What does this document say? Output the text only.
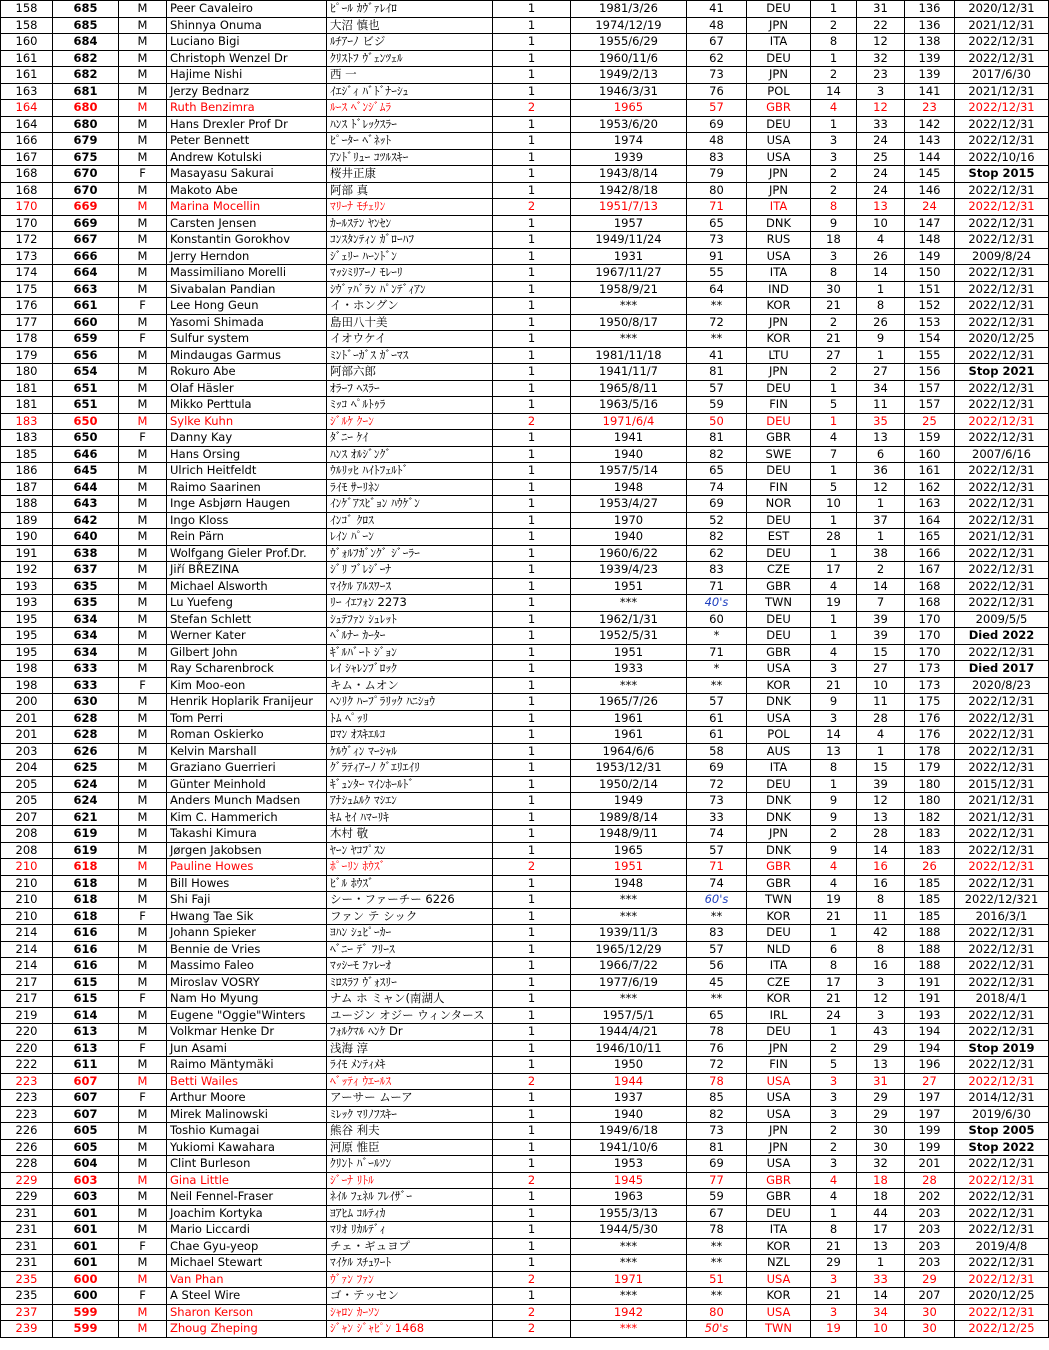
158	685	M	Peer Cavaleiro	ﾋﾟｰﾙ ｶｳﾞｧﾚｲﾛ	1	1981/3/26	41	DEU	1	31	136	2020/12/31
158	685	M	Shinnya Onuma	大沼 慎也	1	1974/12/19	48	JPN	2	22	136	2021/12/31
160	684	M	Luciano Bigi	ﾙﾁｱｰﾉ ビジ	1	1955/6/29	67	ITA	8	12	138	2022/12/31
161	682	M	Christoph Wenzel Dr	ｸﾘｽﾄﾌ ｳﾞｪﾝﾂｪﾙ	1	1960/11/6	62	DEU	1	32	139	2022/12/31
161	682	M	Hajime Nishi	西 一	1	1949/2/13	73	JPN	2	23	139	2017/6/30
163	681	M	Jerzy Bednarz	ｲｴｼﾞｨ ﾊﾞﾄﾞﾅｰｼｭ	1	1946/3/31	76	POL	14	3	141	2021/12/31
164	680	M	Ruth Benzimra	ﾙｰｽ ﾍﾞﾝｼﾞﾑﾗ	2	1965	57	GBR	4	12	23	2022/12/31
164	680	M	Hans Drexler Prof Dr	ﾊﾝｽ ﾄﾞﾚｯｸｽﾗｰ	1	1953/6/20	69	DEU	1	33	142	2022/12/31
166	679	M	Peter Bennett	ﾋﾟｰﾀｰ ﾍﾞﾈｯﾄ	1	1974	48	USA	3	24	143	2022/12/31
167	675	M	Andrew Kotulski	ｱﾝﾄﾞﾘｭｰ ｺﾂﾙｽｷｰ	1	1939	83	USA	3	25	144	2022/10/16
168	670	F	Masayasu Sakurai	桜井正康	1	1943/8/14	79	JPN	2	24	145	Stop 2015
168	670	M	Makoto Abe	阿部 真	1	1942/8/18	80	JPN	2	24	146	2022/12/31
170	669	M	Marina Mocellin	ﾏﾘｰﾅ ﾓﾁｪﾘﾝ	2	1951/7/13	71	ITA	8	13	24	2022/12/31
170	669	M	Carsten Jensen	ｶｰﾙｽﾃﾝ ﾔﾝｾﾝ	1	1957	65	DNK	9	10	147	2022/12/31
172	667	M	Konstantin Gorokhov	ｺﾝｽﾀﾝﾃｨﾝ ｶﾞﾛｰﾊﾌ	1	1949/11/24	73	RUS	18	4	148	2022/12/31
173	666	M	Jerry Herndon	ｼﾞｪﾘｰ ﾊｰﾝﾄﾞﾝ	1	1931	91	USA	3	26	149	2009/8/24
174	664	M	Massimiliano Morelli	ﾏｯｼﾐﾘｱｰﾉ ﾓﾚｰﾘ	1	1967/11/27	55	ITA	8	14	150	2022/12/31
175	663	M	Sivabalan Pandian	ｼｳﾞｧﾊﾞﾗﾝ ﾊﾟﾝﾃﾞｨｱﾝ	1	1958/9/21	64	IND	30	1	151	2022/12/31
176	661	F	Lee Hong Geun	イ・ホングン	1	***	**	KOR	21	8	152	2022/12/31
177	660	M	Yasomi Shimada	島田八十美	1	1950/8/17	72	JPN	2	26	153	2022/12/31
178	659	F	Sulfur system	イオウケイ	1	***	**	KOR	21	9	154	2020/12/25
179	656	M	Mindaugas Garmus	ﾐﾝﾄﾞｰｶﾞｽ ｶﾞｰﾏｽ	1	1981/11/18	41	LTU	27	1	155	2022/12/31
180	654	M	Rokuro Abe	阿部六郎	1	1941/11/7	81	JPN	2	27	156	Stop 2021
181	651	M	Olaf Häsler	ｵﾗｰﾌ ﾍｽﾗｰ	1	1965/8/11	57	DEU	1	34	157	2022/12/31
181	651	M	Mikko Perttula	ﾐｯｺ ﾍﾟﾙﾄｩﾗ	1	1963/5/16	59	FIN	5	11	157	2022/12/31
183	650	M	Sylke Kuhn	ｼﾞﾙｹ ｸｰﾝ	2	1971/6/4	50	DEU	1	35	25	2022/12/31
183	650	F	Danny Kay	ﾀﾞﾆｰ ｹｲ	1	1941	81	GBR	4	13	159	2022/12/31
185	646	M	Hans Orsing	ﾊﾝｽ ｵﾙｼﾞﾝｸﾞ	1	1940	82	SWE	7	6	160	2007/6/16
186	645	M	Ulrich Heitfeldt	ｳﾙﾘｯﾋ ﾊｲﾄﾌｪﾙﾄﾞ	1	1957/5/14	65	DEU	1	36	161	2022/12/31
187	644	M	Raimo Saarinen	ﾗｲﾓ ｻｰﾘﾈﾝ	1	1948	74	FIN	5	12	162	2022/12/31
188	643	M	Inge Asbjørn Haugen	ｲﾝｹﾞｱｽﾋﾞｮﾝ ﾊｳｹﾞﾝ	1	1953/4/27	69	NOR	10	1	163	2022/12/31
189	642	M	Ingo Kloss	ｲﾝｺﾞ ｸﾛｽ	1	1970	52	DEU	1	37	164	2022/12/31
190	640	M	Rein Pärn	ﾚｲﾝ ﾊﾟｰﾝ	1	1940	82	EST	28	1	165	2021/12/31
191	638	M	Wolfgang Gieler Prof.Dr.	ｳﾞｫﾙﾌｶﾞﾝｸﾞ ｼﾞｰﾗｰ	1	1960/6/22	62	DEU	1	38	166	2022/12/31
192	637	M	Jiří BŘEZINA	ｼﾞﾘ ﾌﾞﾚｼﾞｰﾅ	1	1939/4/23	83	CZE	17	2	167	2022/12/31
193	635	M	Michael Alsworth	ﾏｲｹﾙ ｱﾙｽﾜｰｽ	1	1951	71	GBR	4	14	168	2022/12/31
193	635	M	Lu Yuefeng	ﾘｰ ｲｴﾌｫﾝ 2273	1	***	40's	TWN	19	7	168	2022/12/31
195	634	M	Stefan Schlett	ｼｭﾃﾌｧﾝ ｼｭﾚｯﾄ	1	1962/1/31	60	DEU	1	39	170	2009/5/5
195	634	M	Werner Kater	ﾍﾞﾙﾅｰ ｶｰﾀｰ	1	1952/5/31	*	DEU	1	39	170	Died 2022
195	634	M	Gilbert John	ｷﾞﾙﾊﾞｰﾄ ｼﾞｮﾝ	1	1951	71	GBR	4	15	170	2022/12/31
198	633	M	Ray Scharenbrock	ﾚｲ ｼｬﾚﾝﾌﾞﾛｯｸ	1	1933	*	USA	3	27	173	Died 2017
198	633	F	Kim Moo-eon	キム・ムオン	1	***	**	KOR	21	10	173	2020/8/23
200	630	M	Henrik Hoplarik Franijeur	ﾍﾝﾘｸ ﾊｰﾌﾟﾗﾘｯｸ ﾊﾆｼｮｳ	1	1965/7/26	57	DNK	9	11	175	2022/12/31
201	628	M	Tom Perri	ﾄﾑ ﾍﾟｯﾘ	1	1961	61	USA	3	28	176	2022/12/31
201	628	M	Roman Oskierko	ﾛﾏﾝ ｵｽｷｴﾙｺ	1	1961	61	POL	14	4	176	2022/12/31
203	626	M	Kelvin Marshall	ｹﾙｳﾞｨﾝ ﾏｰｼｬﾙ	1	1964/6/6	58	AUS	13	1	178	2022/12/31
204	625	M	Graziano Guerrieri	ｸﾞﾗﾃｨｱｰﾉ ｸﾞｴﾘｴｲﾘ	1	1953/12/31	69	ITA	8	15	179	2022/12/31
205	624	M	Günter Meinhold	ｷﾞｭﾝﾀｰ ﾏｲﾝﾎｰﾙﾄﾞ	1	1950/2/14	72	DEU	1	39	180	2015/12/31
205	624	M	Anders Munch Madsen	ｱﾅｼｭﾑﾙｸ ﾏｼｴﾝ	1	1949	73	DNK	9	12	180	2021/12/31
207	621	M	Kim C. Hammerich	ｷﾑ ｾｲ ﾊﾏｰﾘｷ	1	1989/8/14	33	DNK	9	13	182	2021/12/31
208	619	M	Takashi Kimura	木村 敬	1	1948/9/11	74	JPN	2	28	183	2022/12/31
208	619	M	Jørgen Jakobsen	ﾔｰﾝ ﾔｺﾌﾟｽﾝ	1	1965	57	DNK	9	14	183	2022/12/31
210	618	M	Pauline Howes	ﾎﾟｰﾘﾝ ﾎｳｽﾞ	2	1951	71	GBR	4	16	26	2022/12/31
210	618	M	Bill Howes	ﾋﾞﾙ ﾎｳｽﾞ	1	1948	74	GBR	4	16	185	2022/12/31
210	618	M	Shi Faji	シー・ファーチー 6226	1	***	60's	TWN	19	8	185	2022/12/321
210	618	F	Hwang Tae Sik	ファン テ シック	1	***	**	KOR	21	11	185	2016/3/1
214	616	M	Johann Spieker	ﾖﾊﾝ ｼｭﾋﾟｰｶｰ	1	1939/11/3	83	DEU	1	42	188	2022/12/31
214	616	M	Bennie de Vries	ﾍﾞﾆｰ ﾃﾞ ﾌﾘｰｽ	1	1965/12/29	57	NLD	6	8	188	2022/12/31
214	616	M	Massimo Faleo	ﾏｯｼｰﾓ ﾌｧﾚｰｵ	1	1966/7/22	56	ITA	8	16	188	2022/12/31
217	615	M	Miroslav VOSRY	ﾐﾛｽﾗﾌ ｳﾞｫｽﾘｰ	1	1977/6/19	45	CZE	17	3	191	2022/12/31
217	615	F	Nam Ho Myung	ナム ホ ミャン(南湖人	1	***	**	KOR	21	12	191	2018/4/1
219	614	M	Eugene "Oggie"Winters	ユージン オジー ウィンタース	1	1957/5/1	65	IRL	24	3	193	2022/12/31
220	613	M	Volkmar Henke Dr	ﾌｫﾙｸﾏﾙ ﾍﾝｹ Dr	1	1944/4/21	78	DEU	1	43	194	2022/12/31
220	613	F	Jun Asami	浅海 淳	1	1946/10/11	76	JPN	2	29	194	Stop 2019
222	611	M	Raimo Mäntymäki	ﾗｲﾓ ﾒﾝﾃｨﾒｷ	1	1950	72	FIN	5	13	196	2022/12/31
223	607	M	Betti Wailes	ﾍﾞｯﾃｨ ｳｴｰﾙｽ	2	1944	78	USA	3	31	27	2022/12/31
223	607	F	Arthur Moore	アーサー ムーア	1	1937	85	USA	3	29	197	2014/12/31
223	607	M	Mirek Malinowski	ﾐﾚｯｸ ﾏﾘﾉﾌｽｷｰ	1	1940	82	USA	3	29	197	2019/6/30
226	605	M	Toshio Kumagai	熊谷 利夫	1	1949/6/18	73	JPN	2	30	199	Stop 2005
226	605	M	Yukiomi Kawahara	河原 惟臣	1	1941/10/6	81	JPN	2	30	199	Stop 2022
228	604	M	Clint Burleson	ｸﾘﾝﾄ ﾊﾞｰﾙｿﾝ	1	1953	69	USA	3	32	201	2022/12/31
229	603	M	Gina Little	ｼﾞｰﾅ ﾘﾄﾙ	2	1945	77	GBR	4	18	28	2022/12/31
229	603	M	Neil Fennel-Fraser	ﾈｲﾙ ﾌｪﾈﾙ ﾌﾚｲｻﾞｰ	1	1963	59	GBR	4	18	202	2022/12/31
231	601	M	Joachim Kortyka	ﾖｱﾋﾑ ｺﾙﾃｨｶ	1	1955/3/13	67	DEU	1	44	203	2022/12/31
231	601	M	Mario Liccardi	ﾏﾘｵ ﾘｶﾙﾃﾞｨ	1	1944/5/30	78	ITA	8	17	203	2022/12/31
231	601	F	Chae Gyu-yeop	チェ・ギュヨプ	1	***	**	KOR	21	13	203	2019/4/8
231	601	M	Michael Stewart	ﾏｲｹﾙ ｽﾁｭﾜｰﾄ	1	***	**	NZL	29	1	203	2022/12/31
235	600	M	Van Phan	ｳﾞｧﾝ ﾌｧﾝ	2	1971	51	USA	3	33	29	2022/12/31
235	600	F	A Steel Wire	ゴ・テッセン	1	***	**	KOR	21	14	207	2020/12/25
237	599	M	Sharon Kerson	ｼｬﾛﾝ ｶｰｿﾝ	2	1942	80	USA	3	34	30	2022/12/31
239	599	M	Zhoug Zheping	ｼﾞｬﾝ ｼﾞｬﾋﾟﾝ 1468	2	***	50's	TWN	19	10	30	2022/12/25
